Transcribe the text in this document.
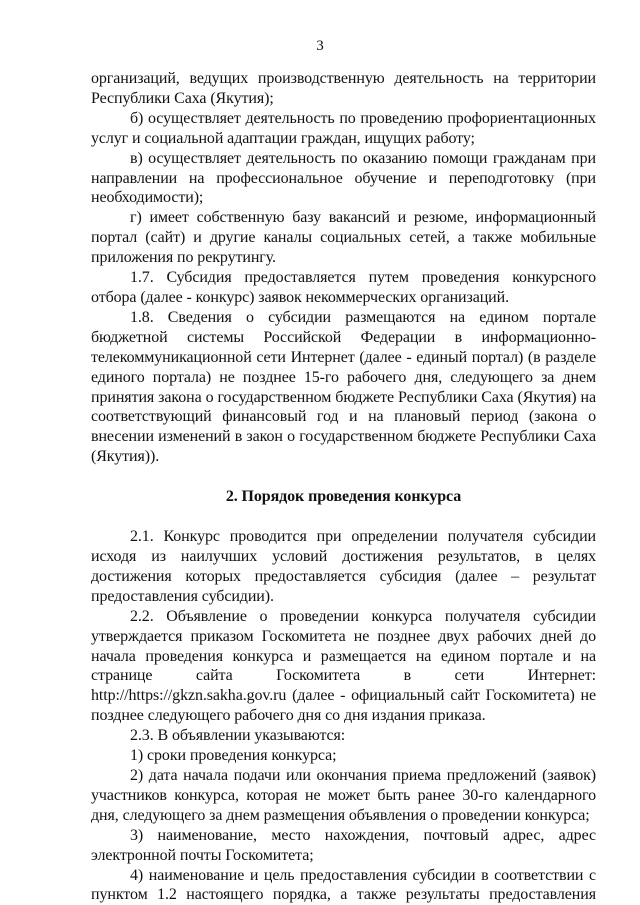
3

организаций, ведущих производственную деятельность на территории Республики Саха (Якутия);

б) осуществляет деятельность по проведению профориентационных услуг и социальной адаптации граждан, ищущих работу;

в) осуществляет деятельность по оказанию помощи гражданам при направлении на профессиональное обучение и переподготовку (при необходимости);

г) имеет собственную базу вакансий и резюме, информационный портал (сайт) и другие каналы социальных сетей, а также мобильные приложения по рекрутингу.

1.7. Субсидия предоставляется путем проведения конкурсного отбора (далее - конкурс) заявок некоммерческих организаций.

1.8. Сведения о субсидии размещаются на едином портале бюджетной системы Российской Федерации в информационно-телекоммуникационной сети Интернет (далее - единый портал) (в разделе единого портала) не позднее 15-го рабочего дня, следующего за днем принятия закона о государственном бюджете Республики Саха (Якутия) на соответствующий финансовый год и на плановый период (закона о внесении изменений в закон о государственном бюджете Республики Саха (Якутия)).

2. Порядок проведения конкурса

2.1. Конкурс проводится при определении получателя субсидии исходя из наилучших условий достижения результатов, в целях достижения которых предоставляется субсидия (далее – результат предоставления субсидии).

2.2. Объявление о проведении конкурса получателя субсидии утверждается приказом Госкомитета не позднее двух рабочих дней до начала проведения конкурса и размещается на едином портале и на странице сайта Госкомитета в сети Интернет: http://https://gkzn.sakha.gov.ru (далее - официальный сайт Госкомитета) не позднее следующего рабочего дня со дня издания приказа.

2.3. В объявлении указываются:

1) сроки проведения конкурса;

2) дата начала подачи или окончания приема предложений (заявок) участников конкурса, которая не может быть ранее 30-го календарного дня, следующего за днем размещения объявления о проведении конкурса;

3) наименование, место нахождения, почтовый адрес, адрес электронной почты Госкомитета;

4) наименование и цель предоставления субсидии в соответствии с пунктом 1.2 настоящего порядка, а также результаты предоставления
